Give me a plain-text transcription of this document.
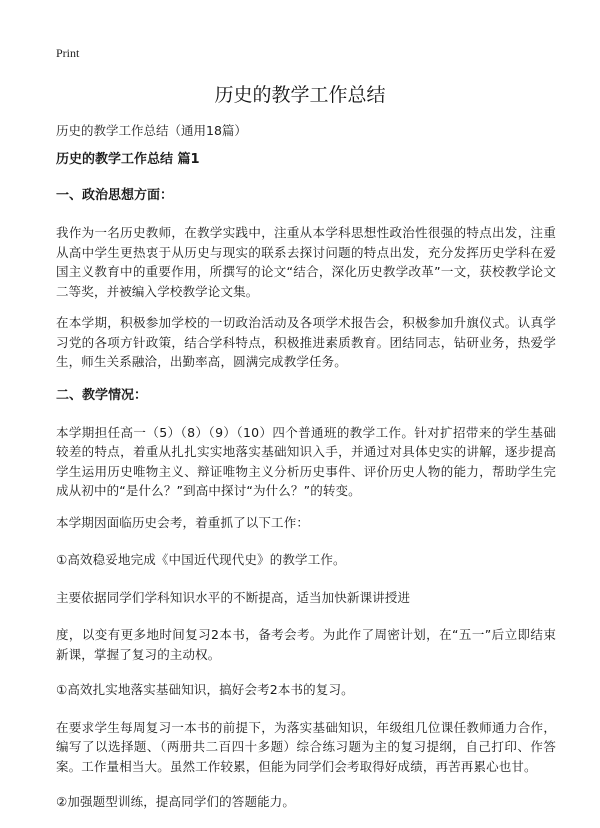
Print
历史的教学工作总结
历史的教学工作总结（通用18篇）
历史的教学工作总结 篇1
一、政治思想方面：

我作为一名历史教师，在教学实践中，注重从本学科思想性政治性很强的特点出发，注重从高中学生更热衷于从历史与现实的联系去探讨问题的特点出发，充分发挥历史学科在爱国主义教育中的重要作用，所撰写的论文“结合，深化历史教学改革”一文，获校教学论文二等奖，并被编入学校教学论文集。

在本学期，积极参加学校的一切政治活动及各项学术报告会，积极参加升旗仪式。认真学习党的各项方针政策，结合学科特点，积极推进素质教育。团结同志，钻研业务，热爱学生，师生关系融洽，出勤率高，圆满完成教学任务。

二、教学情况：

本学期担任高一（5）（8）（9）（10）四个普通班的教学工作。针对扩招带来的学生基础较差的特点，着重从扎扎实实地落实基础知识入手，并通过对具体史实的讲解，逐步提高学生运用历史唯物主义、辩证唯物主义分析历史事件、评价历史人物的能力，帮助学生完成从初中的“是什么？”到高中探讨“为什么？”的转变。

本学期因面临历史会考，着重抓了以下工作：

①高效稳妥地完成《中国近代现代史》的教学工作。

主要依据同学们学科知识水平的不断提高，适当加快新课讲授进

度，以变有更多地时间复习2本书，备考会考。为此作了周密计划，在“五一”后立即结束新课，掌握了复习的主动权。

①高效扎实地落实基础知识，搞好会考2本书的复习。

在要求学生每周复习一本书的前提下，为落实基础知识，年级组几位课任教师通力合作，编写了以选择题、（两册共二百四十多题）综合练习题为主的复习提纲，自己打印、作答案。工作量相当大。虽然工作较累，但能为同学们会考取得好成绩，再苦再累心也甘。

②加强题型训练，提高同学们的答题能力。
